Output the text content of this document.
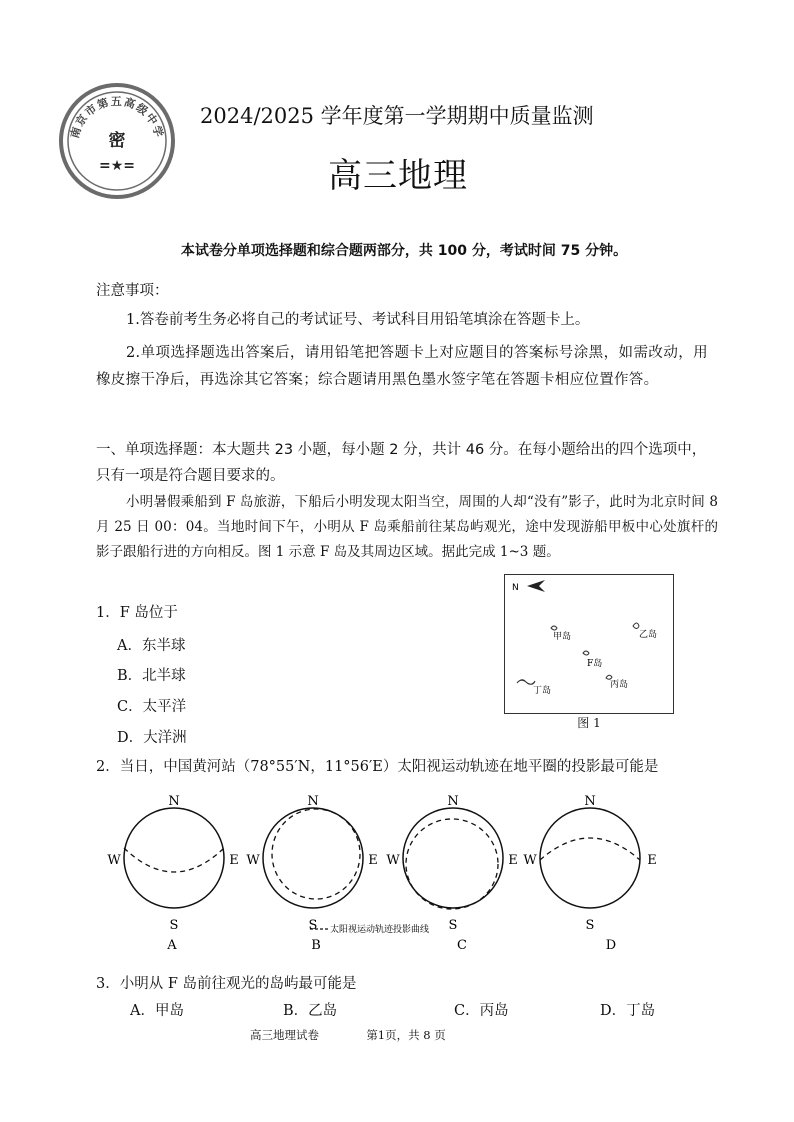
南京市第五高级中学
密
=★=
2024/2025 学年度第一学期期中质量监测
高三地理
本试卷分单项选择题和综合题两部分，共 100 分，考试时间 75 分钟。
注意事项：
1.答卷前考生务必将自己的考试证号、考试科目用铅笔填涂在答题卡上。
2.单项选择题选出答案后，请用铅笔把答题卡上对应题目的答案标号涂黑，如需改动，用橡皮擦干净后，再选涂其它答案；综合题请用黑色墨水签字笔在答题卡相应位置作答。
一、单项选择题：本大题共 23 小题，每小题 2 分，共计 46 分。在每小题给出的四个选项中，只有一项是符合题目要求的。
小明暑假乘船到 F 岛旅游，下船后小明发现太阳当空，周围的人却“没有”影子，此时为北京时间 8 月 25 日 00：04。当地时间下午，小明从 F 岛乘船前往某岛屿观光，途中发现游船甲板中心处旗杆的影子跟船行进的方向相反。图 1 示意 F 岛及其周边区域。据此完成 1~3 题。
N
甲岛	乙岛
F岛
丙岛
丁岛
图 1
1．F 岛位于
A．东半球
B．北半球
C．太平洋
D．大洋洲
2．当日，中国黄河站（78°55′N，11°56′E）太阳视运动轨迹在地平圈的投影最可能是
N
S
W	E
A
N
S
W	E
B
N
S
W	E
C
N
S
W	E
D
太阳视运动轨迹投影曲线
3．小明从 F 岛前往观光的岛屿最可能是
A．甲岛	B．乙岛	C．丙岛	D．丁岛
高三地理试卷	第1页，共 8 页
